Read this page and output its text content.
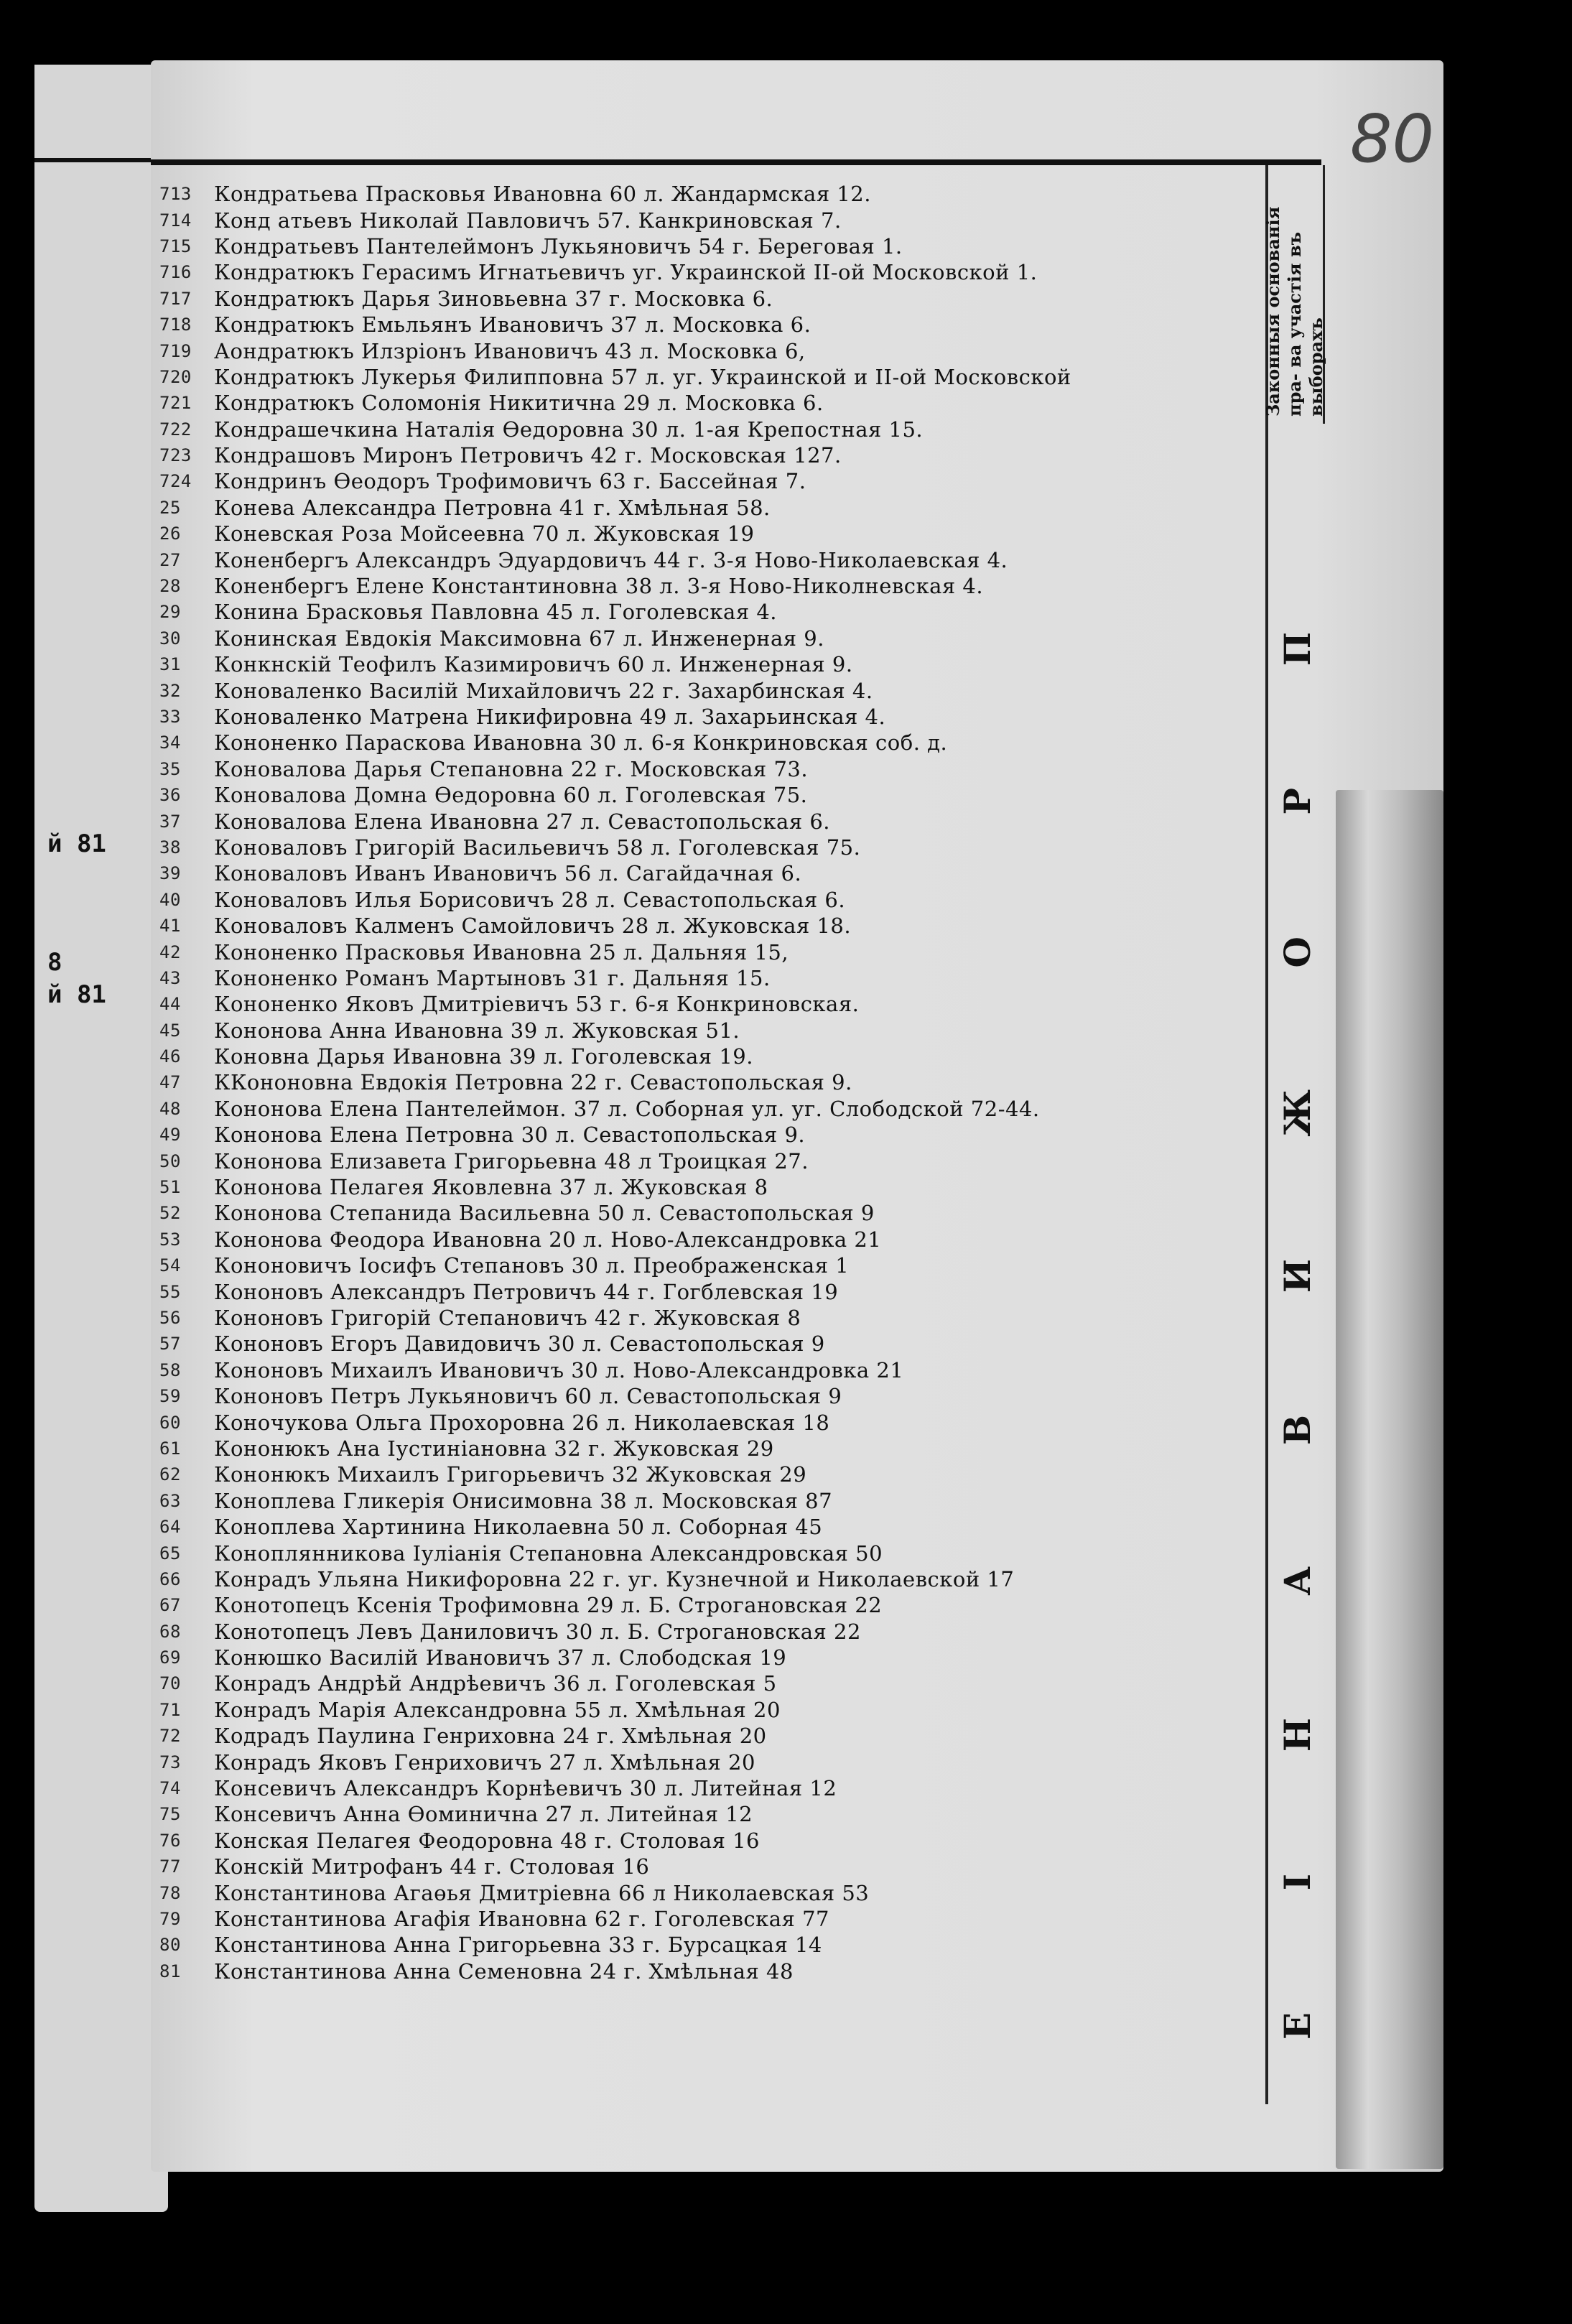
й 81
8
й 81
80
Законныя основанія пра- ва участія въ выборахъ
П
Р
О
Ж
И
В
А
Н
І
Е
713	Кондратьева Прасковья Ивановна 60 л. Жандармская 12.
714	Конд атьевъ Николай Павловичъ 57. Канкриновская 7.
715	Кондратьевъ Пантелеймонъ Лукьяновичъ 54 г. Береговая 1.
716	Кондратюкъ Герасимъ Игнатьевичъ уг. Украинской II-ой Московской 1.
717	Кондратюкъ Дарья Зиновьевна 37 г. Московка 6.
718	Кондратюкъ Емьльянъ Ивановичъ 37 л. Московка 6.
719	Аондратюкъ Илзріонъ Ивановичъ 43 л. Московка 6,
720	Кондратюкъ Лукерья Филипповна 57 л. уг. Украинской и II-ой Московской
721	Кондратюкъ Соломонія Никитична 29 л. Московка 6.
722	Кондрашечкина Наталія Өедоровна 30 л. 1-ая Крепостная 15.
723	Кондрашовъ Миронъ Петровичъ 42 г. Московская 127.
724	Кондринъ Өеодоръ Трофимовичъ 63 г. Бассейная 7.
25	Конева Александра Петровна 41 г. Хмѣльная 58.
26	Коневская Роза Мойсеевна 70 л. Жуковская 19
27	Коненбергъ Александръ Эдуардовичъ 44 г. 3-я Ново-Николаевская 4.
28	Коненбергъ Елене Константиновна 38 л. 3-я Ново-Николневская 4.
29	Конина Брасковья Павловна 45 л. Гоголевская 4.
30	Конинская Евдокія Максимовна 67 л. Инженерная 9.
31	Конкнскій Теофилъ Казимировичъ 60 л. Инженерная 9.
32	Коноваленко Василій Михайловичъ 22 г. Захарбинская 4.
33	Коноваленко Матрена Никифировна 49 л. Захарьинская 4.
34	Кононенко Параскова Ивановна 30 л. 6-я Конкриновская соб. д.
35	Коновалова Дарья Степановна 22 г. Московская 73.
36	Коновалова Домна Өедоровна 60 л. Гоголевская 75.
37	Коновалова Елена Ивановна 27 л. Севастопольская 6.
38	Коноваловъ Григорій Васильевичъ 58 л. Гоголевская 75.
39	Коноваловъ Иванъ Ивановичъ 56 л. Сагайдачная 6.
40	Коноваловъ Илья Борисовичъ 28 л. Севастопольская 6.
41	Коноваловъ Калменъ Самойловичъ 28 л. Жуковская 18.
42	Кононенко Прасковья Ивановна 25 л. Дальняя 15,
43	Кононенко Романъ Мартыновъ 31 г. Дальняя 15.
44	Кононенко Яковъ Дмитріевичъ 53 г. 6-я Конкриновская.
45	Кононова Анна Ивановна 39 л. Жуковская 51.
46	Коновна Дарья Ивановна 39 л. Гоголевская 19.
47	ККононовна Евдокія Петровна 22 г. Севастопольская 9.
48	Кононова Елена Пантелеймон. 37 л. Соборная ул. уг. Слободской 72-44.
49	Кононова Елена Петровна 30 л. Севастопольская 9.
50	Кононова Елизавета Григорьевна 48 л Троицкая 27.
51	Кононова Пелагея Яковлевна 37 л. Жуковская 8
52	Кононова Степанида Васильевна 50 л. Севастопольская 9
53	Кононова Феодора Ивановна 20 л. Ново-Александровка 21
54	Кононовичъ Іосифъ Степановъ 30 л. Преображенская 1
55	Кононовъ Александръ Петровичъ 44 г. Гогблевская 19
56	Кононовъ Григорій Степановичъ 42 г. Жуковская 8
57	Кононовъ Егоръ Давидовичъ 30 л. Севастопольская 9
58	Кононовъ Михаилъ Ивановичъ 30 л. Ново-Александровка 21
59	Кононовъ Петръ Лукьяновичъ 60 л. Севастопольская 9
60	Коночукова Ольга Прохоровна 26 л. Николаевская 18
61	Кононюкъ Ана Іустиніановна 32 г. Жуковская 29
62	Кононюкъ Михаилъ Григорьевичъ 32 Жуковская 29
63	Коноплева Гликерія Онисимовна 38 л. Московская 87
64	Коноплева Хартинина Николаевна 50 л. Соборная 45
65	Коноплянникова Іуліанія Степановна Александровская 50
66	Конрадъ Ульяна Никифоровна 22 г. уг. Кузнечной и Николаевской 17
67	Конотопецъ Ксенія Трофимовна 29 л. Б. Строгановская 22
68	Конотопецъ Левъ Даниловичъ 30 л. Б. Строгановская 22
69	Конюшко Василій Ивановичъ 37 л. Слободская 19
70	Конрадъ Андрѣй Андрѣевичъ 36 л. Гоголевская 5
71	Конрадъ Марія Александровна 55 л. Хмѣльная 20
72	Кодрадъ Паулина Генриховна 24 г. Хмѣльная 20
73	Конрадъ Яковъ Генриховичъ 27 л. Хмѣльная 20
74	Консевичъ Александръ Корнѣевичъ 30 л. Литейная 12
75	Консевичъ Анна Өоминична 27 л. Литейная 12
76	Конская Пелагея Феодоровна 48 г. Столовая 16
77	Конскій Митрофанъ 44 г. Столовая 16
78	Константинова Агаөья Дмитріевна 66 л Николаевская 53
79	Константинова Агафія Ивановна 62 г. Гоголевская 77
80	Константинова Анна Григорьевна 33 г. Бурсацкая 14
81	Константинова Анна Семеновна 24 г. Хмѣльная 48
